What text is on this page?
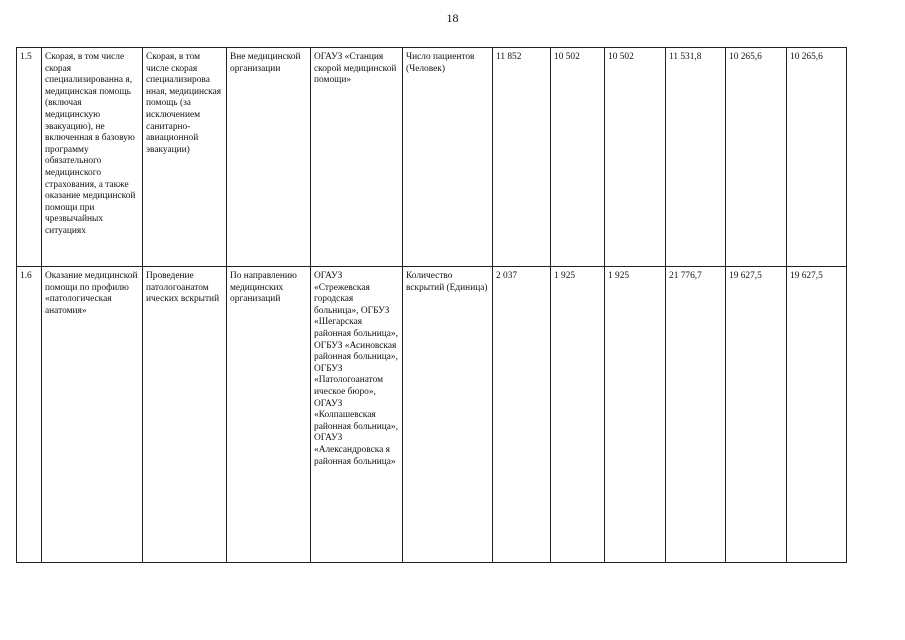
18
1.5	Скорая, в том числе скорая специализированна я, медицинская помощь (включая медицинскую эвакуацию), не включенная в базовую программу обязательного медицинского страхования, а также оказание медицинской помощи при чрезвычайных ситуациях	Скорая, в том числе скорая специализирова нная, медицинская помощь (за исключением санитарно-авиационной эвакуации)	Вне медицинской организации	ОГАУЗ «Станция скорой медицинской помощи»	Число пациентов (Человек)	11 852	10 502	10 502	11 531,8	10 265,6	10 265,6
1.6	Оказание медицинской помощи по профилю «патологическая анатомия»	Проведение патологоанатом ических вскрытий	По направлению медицинских организаций	ОГАУЗ «Стрежевская городская больница», ОГБУЗ «Шегарская районная больница», ОГБУЗ «Асиновская районная больница», ОГБУЗ «Патологоанатом ическое бюро», ОГАУЗ «Колпашевская районная больница», ОГАУЗ «Александровска я районная больница»	Количество вскрытий (Единица)	2 037	1 925	1 925	21 776,7	19 627,5	19 627,5
